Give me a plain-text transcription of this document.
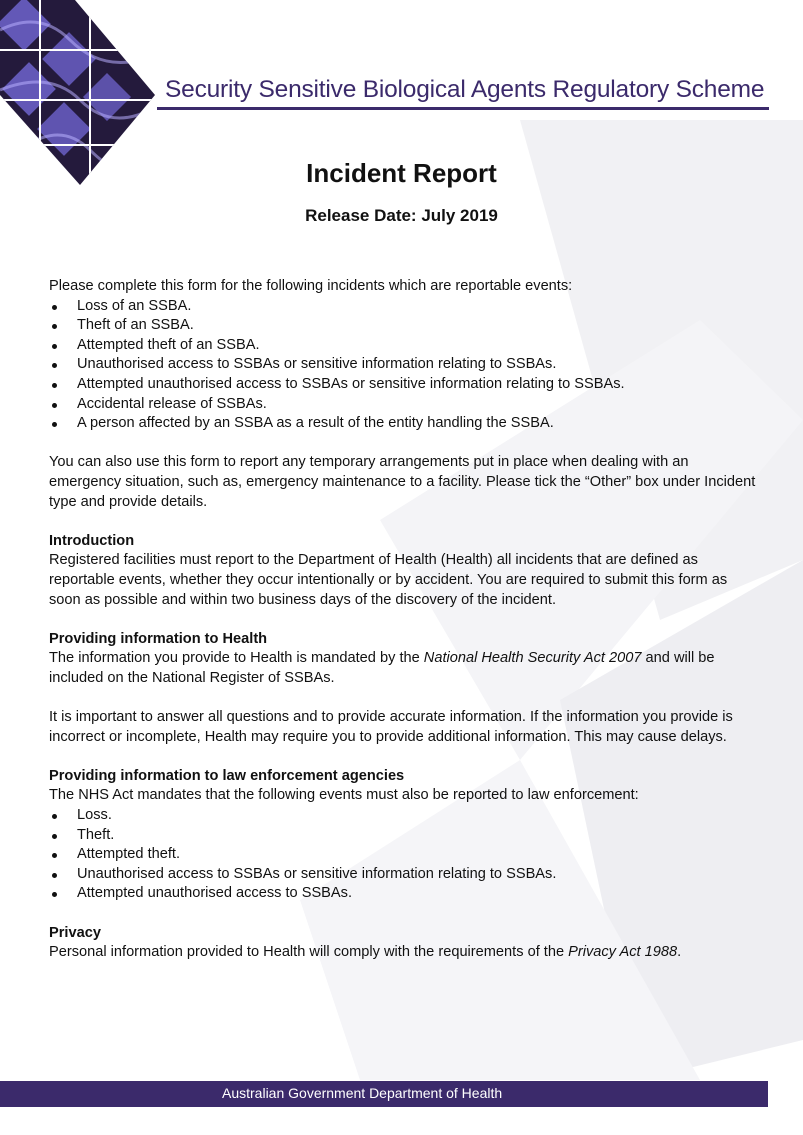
Security Sensitive Biological Agents Regulatory Scheme
Incident Report
Release Date: July 2019

Please complete this form for the following incidents which are reportable events:

Loss of an SSBA.
Theft of an SSBA.
Attempted theft of an SSBA.
Unauthorised access to SSBAs or sensitive information relating to SSBAs.
Attempted unauthorised access to SSBAs or sensitive information relating to SSBAs.
Accidental release of SSBAs.
A person affected by an SSBA as a result of the entity handling the SSBA.

You can also use this form to report any temporary arrangements put in place when dealing with an emergency situation, such as, emergency maintenance to a facility. Please tick the “Other” box under Incident type and provide details.

Introduction

Registered facilities must report to the Department of Health (Health) all incidents that are defined as reportable events, whether they occur intentionally or by accident. You are required to submit this form as soon as possible and within two business days of the discovery of the incident.

Providing information to Health

The information you provide to Health is mandated by the National Health Security Act 2007 and will be included on the National Register of SSBAs.

It is important to answer all questions and to provide accurate information. If the information you provide is incorrect or incomplete, Health may require you to provide additional information. This may cause delays.

Providing information to law enforcement agencies

The NHS Act mandates that the following events must also be reported to law enforcement:

Loss.
Theft.
Attempted theft.
Unauthorised access to SSBAs or sensitive information relating to SSBAs.
Attempted unauthorised access to SSBAs.

Privacy

Personal information provided to Health will comply with the requirements of the Privacy Act 1988.

Australian Government Department of Health
